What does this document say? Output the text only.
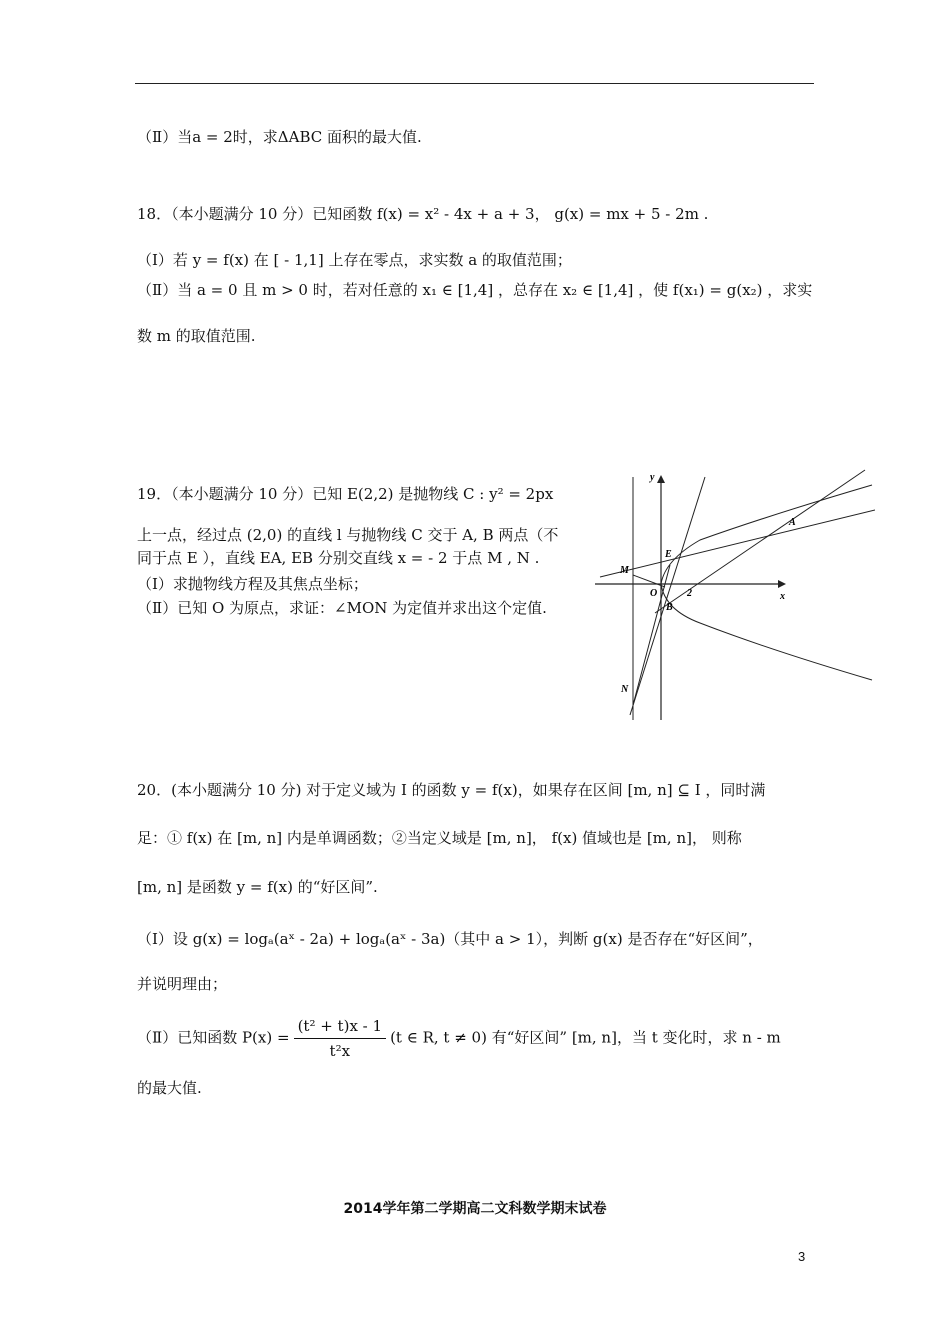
（Ⅱ）当a = 2时，求ΔABC 面积的最大值.
18．（本小题满分 10 分）已知函数 f(x) = x² - 4x + a + 3， g(x) = mx + 5 - 2m .
（Ⅰ）若 y = f(x) 在 [ - 1,1] 上存在零点，求实数 a 的取值范围；
（Ⅱ）当 a = 0 且 m > 0 时，若对任意的 x₁ ∈ [1,4] ，总存在 x₂ ∈ [1,4] ，使 f(x₁) = g(x₂) ，求实
数 m 的取值范围.
19．（本小题满分 10 分）已知 E(2,2) 是抛物线 C : y² = 2px
上一点，经过点 (2,0) 的直线 l 与抛物线 C 交于 A, B 两点（不
同于点 E ），直线 EA, EB 分别交直线 x = - 2 于点 M , N .
（Ⅰ）求抛物线方程及其焦点坐标；
（Ⅱ）已知 O 为原点，求证：∠MON 为定值并求出这个定值.
y
x
A
E
M
O
B
N
2
20．(本小题满分 10 分) 对于定义域为 I 的函数 y = f(x)，如果存在区间 [m, n] ⊆ I ，同时满
足：① f(x) 在 [m, n] 内是单调函数；②当定义域是 [m, n]， f(x) 值域也是 [m, n]， 则称
[m, n] 是函数 y = f(x) 的“好区间”.
（Ⅰ）设 g(x) = logₐ(aˣ - 2a) + logₐ(aˣ - 3a)（其中 a > 1），判断 g(x) 是否存在“好区间”，
并说明理由；
（Ⅱ）已知函数 $P(x) = \frac{\text{(t² + t)x - 1}}{\text{t²x}} (t$ ∈ R, t ≠ 0) 有“好区间” [m, n]，当 t 变化时，求 n - m
的最大值.
2014学年第二学期高二文科数学期末试卷
3
